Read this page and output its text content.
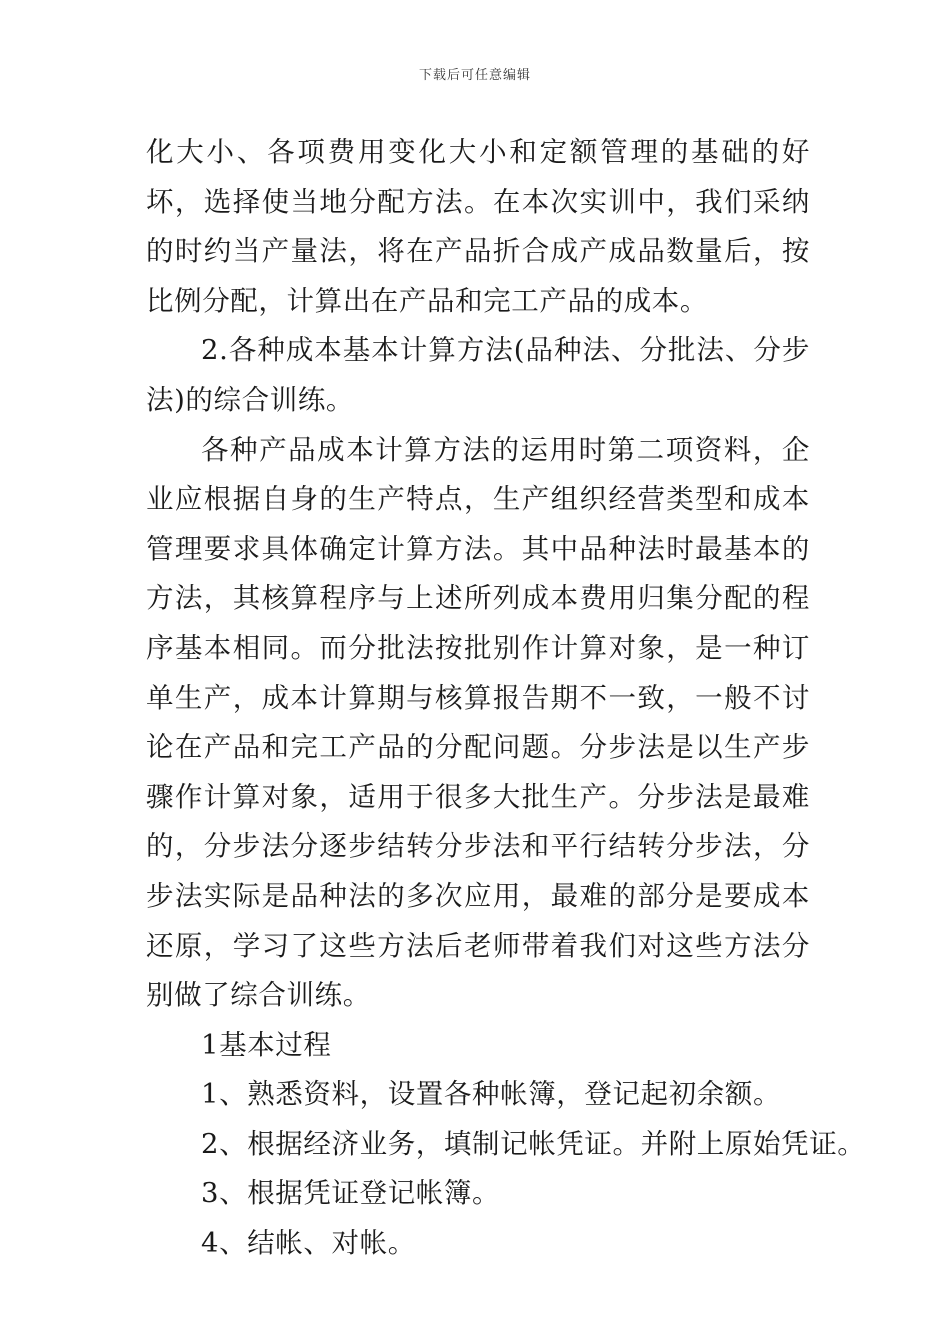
下载后可任意编辑

化大小、各项费用变化大小和定额管理的基础的好坏，选择使当地分配方法。在本次实训中，我们采纳的时约当产量法，将在产品折合成产成品数量后，按比例分配，计算出在产品和完工产品的成本。

2.各种成本基本计算方法(品种法、分批法、分步法)的综合训练。

各种产品成本计算方法的运用时第二项资料，企业应根据自身的生产特点，生产组织经营类型和成本管理要求具体确定计算方法。其中品种法时最基本的方法，其核算程序与上述所列成本费用归集分配的程序基本相同。而分批法按批别作计算对象，是一种订单生产，成本计算期与核算报告期不一致，一般不讨论在产品和完工产品的分配问题。分步法是以生产步骤作计算对象，适用于很多大批生产。分步法是最难的，分步法分逐步结转分步法和平行结转分步法，分步法实际是品种法的多次应用，最难的部分是要成本还原，学习了这些方法后老师带着我们对这些方法分别做了综合训练。

1基本过程

1、熟悉资料，设置各种帐簿，登记起初余额。

2、根据经济业务，填制记帐凭证。并附上原始凭证。

3、根据凭证登记帐簿。

4、结帐、对帐。
